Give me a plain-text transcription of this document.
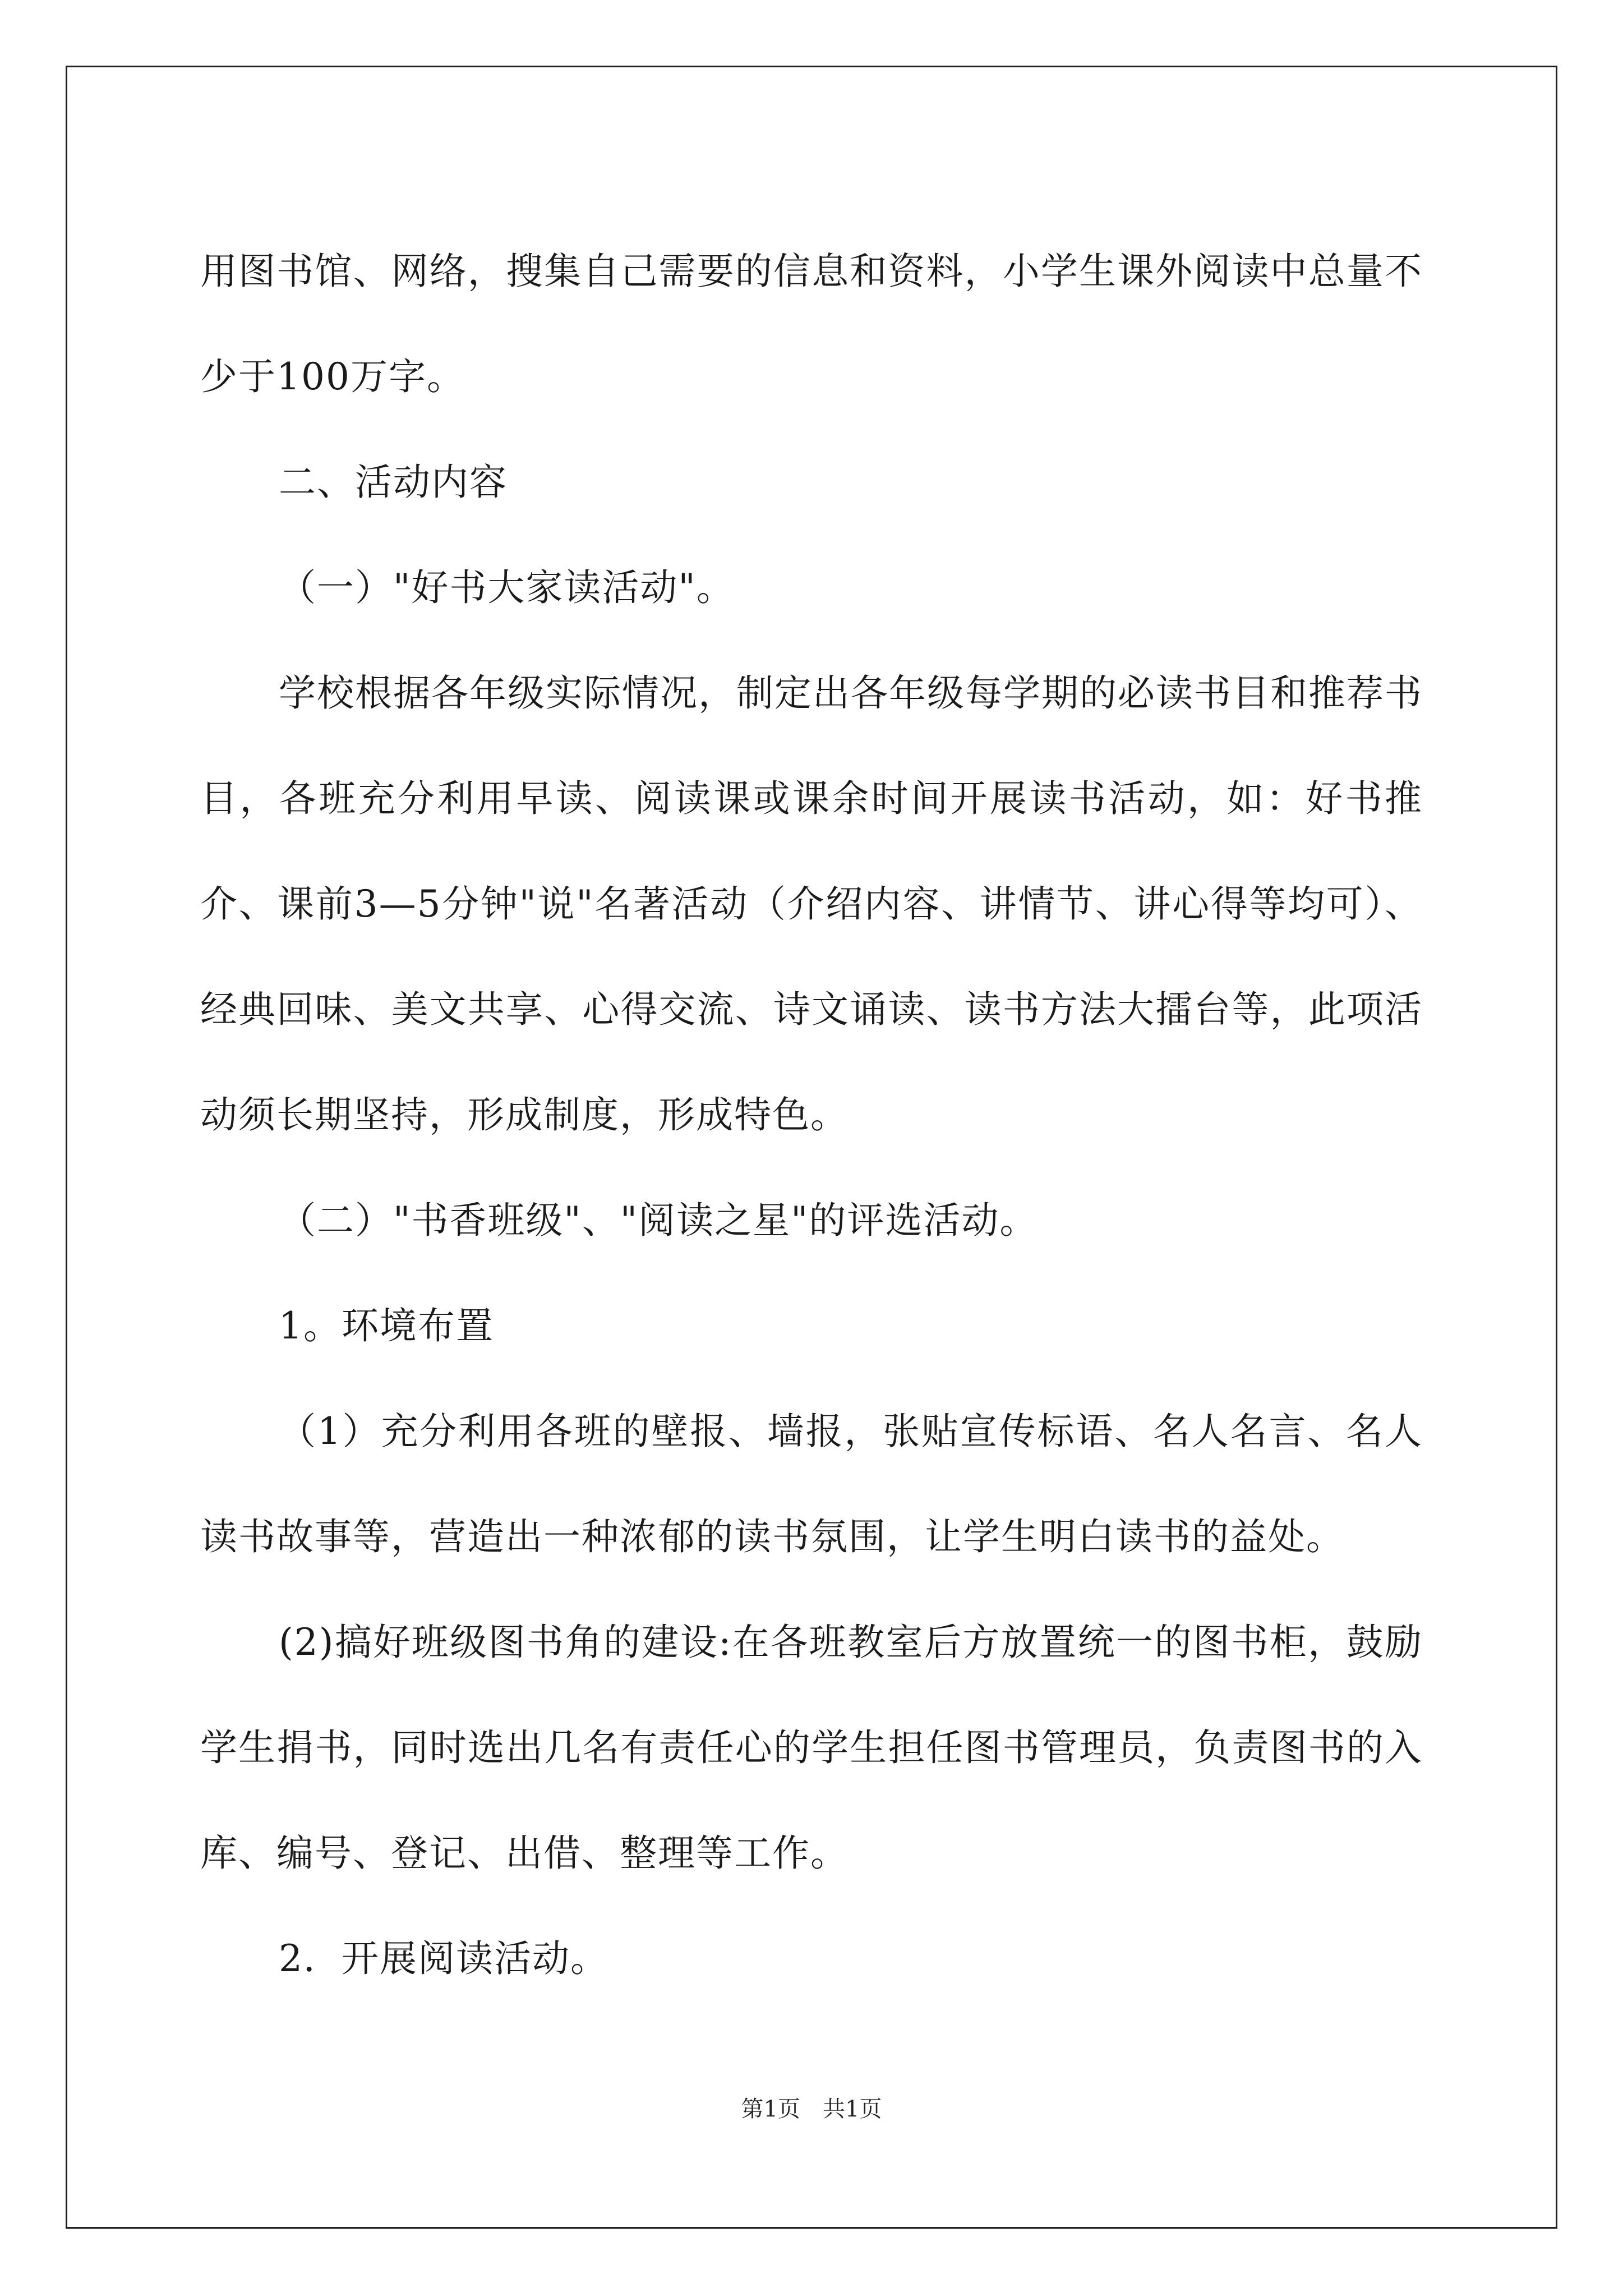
用图书馆、网络，搜集自己需要的信息和资料，小学生课外阅读中总量不少于100万字。

二、活动内容

（一）"好书大家读活动"。

学校根据各年级实际情况，制定出各年级每学期的必读书目和推荐书目，各班充分利用早读、阅读课或课余时间开展读书活动，如：好书推介、课前3—5分钟"说"名著活动（介绍内容、讲情节、讲心得等均可）、经典回味、美文共享、心得交流、诗文诵读、读书方法大擂台等，此项活动须长期坚持，形成制度，形成特色。

（二）"书香班级"、"阅读之星"的评选活动。

1。环境布置

（1）充分利用各班的壁报、墙报，张贴宣传标语、名人名言、名人读书故事等，营造出一种浓郁的读书氛围，让学生明白读书的益处。

(2)搞好班级图书角的建设:在各班教室后方放置统一的图书柜，鼓励学生捐书，同时选出几名有责任心的学生担任图书管理员，负责图书的入库、编号、登记、出借、整理等工作。

2．开展阅读活动。

第1页 共1页
